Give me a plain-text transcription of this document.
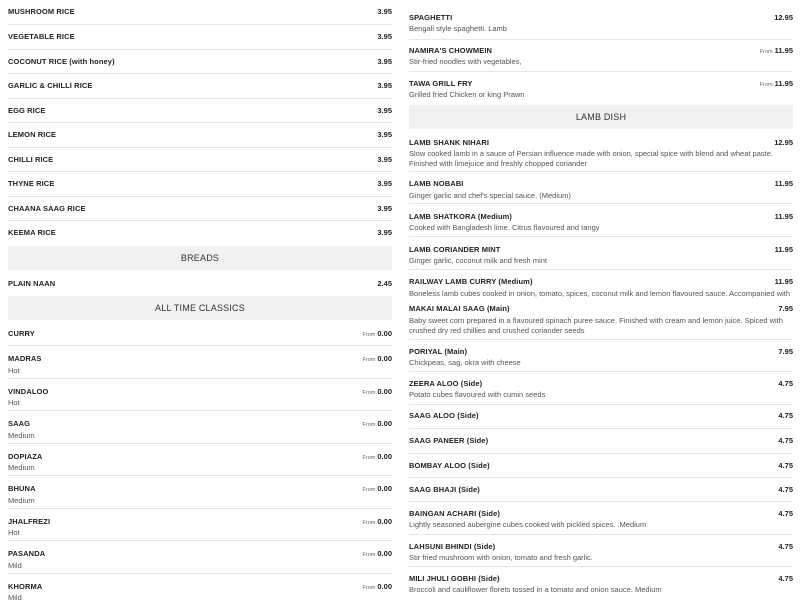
MUSHROOM RICE	3.95
VEGETABLE RICE	3.95
COCONUT RICE (with honey)	3.95
GARLIC & CHILLI RICE	3.95
EGG RICE	3.95
LEMON RICE	3.95
CHILLI RICE	3.95
THYNE RICE	3.95
CHAANA SAAG RICE	3.95
KEEMA RICE	3.95
BREADS
PLAIN NAAN	2.45
ALL TIME CLASSICS
CURRY	From 0.00
MADRAS	From 0.00
Hot
VINDALOO	From 0.00
Hot
SAAG	From 0.00
Medium
DOPIAZA	From 0.00
Medium
BHUNA	From 0.00
Medium
JHALFREZI	From 0.00
Hot
PASANDA	From 0.00
Mild
KHORMA	From 0.00
Mild
SPAGHETTI	12.95
Bengali style spaghetti. Lamb
NAMIRA'S CHOWMEIN	From 11.95
Stir-fried noodles with vegetables,
TAWA GRILL FRY	From 11.95
Grilled fried Chicken or king Prawn
LAMB DISH
LAMB SHANK NIHARI	12.95
Slow cooked lamb in a sauce of Persian influence made with onion, special spice with blend and wheat paste. Finished with limejuice and freshly chopped coriander
LAMB NOBABI	11.95
Ginger garlic and chef's special sauce. (Medium)
LAMB SHATKORA (Medium)	11.95
Cooked with Bangladesh lime. Citrus flavoured and tangy
LAMB CORIANDER MINT	11.95
Ginger garlic, coconut milk and fresh mint
RAILWAY LAMB CURRY (Medium)	11.95
Boneless lamb cubes cooked in onion, tomato, spices, coconut milk and lemon flavoured sauce. Accompanied with
MAKAI MALAI SAAG (Main)	7.95
Baby sweet corn prepared in a flavoured spinach puree sauce. Finished with cream and lemon juice. Spiced with crushed dry red chillies and crushed coriander seeds
PORIYAL (Main)	7.95
Chickpeas, sag, okra with cheese
ZEERA ALOO (Side)	4.75
Potato cubes flavoured with cumin seeds
SAAG ALOO (Side)	4.75
SAAG PANEER (Side)	4.75
BOMBAY ALOO (Side)	4.75
SAAG BHAJI (Side)	4.75
BAINGAN ACHARI (Side)	4.75
Lightly seasoned aubergine cubes cooked with pickled spices. .Medium
LAHSUNI BHINDI (Side)	4.75
Stir fried mushroom with onion, tomato and fresh garlic.
MILI JHULI GOBHI (Side)	4.75
Broccoli and cauliflower florets tossed in a tomato and onion sauce. Medium
